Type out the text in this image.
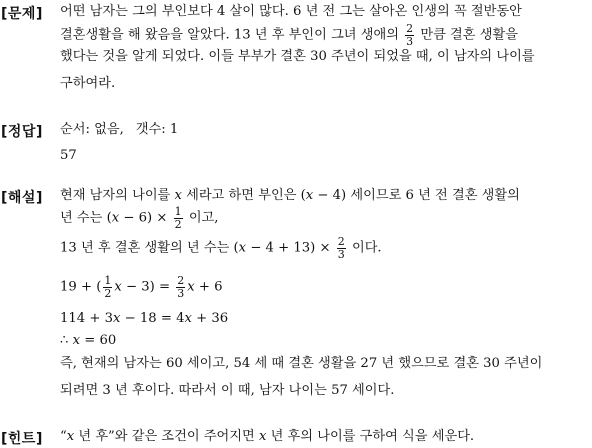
[문제] 어떤 남자는 그의 부인보다 4 살이 많다. 6 년 전 그는 살아온 인생의 꼭 절반동안
결혼생활을 해 왔음을 알았다. 13 년 후 부인이 그녀 생애의 $\frac{2}{3}$ 만큼 결혼 생활을
했다는 것을 알게 되었다. 이들 부부가 결혼 30 주년이 되었을 때, 이 남자의 나이를
구하여라.
[정답] 순서: 없음, 갯수: 1
57
[해설] 현재 남자의 나이를 x 세라고 하면 부인은 (x − 4) 세이므로 6 년 전 결혼 생활의
년 수는 $(x - 6) \times \frac{1}{2}$ 이고,
13 년 후 결혼 생활의 년 수는 $(x - 4 + 13) \times \frac{2}{3}$ 이다.
19 + ( $\frac{1}{2}$ $x - 3) = \frac{2}{3}$ x + 6
114 + 3x − 18 = 4x + 36
∴ x = 60
즉, 현재의 남자는 60 세이고, 54 세 때 결혼 생활을 27 년 했으므로 결혼 30 주년이
되려면 3 년 후이다. 따라서 이 때, 남자 나이는 57 세이다.
[힌트] “x 년 후”와 같은 조건이 주어지면 x 년 후의 나이를 구하여 식을 세운다.
